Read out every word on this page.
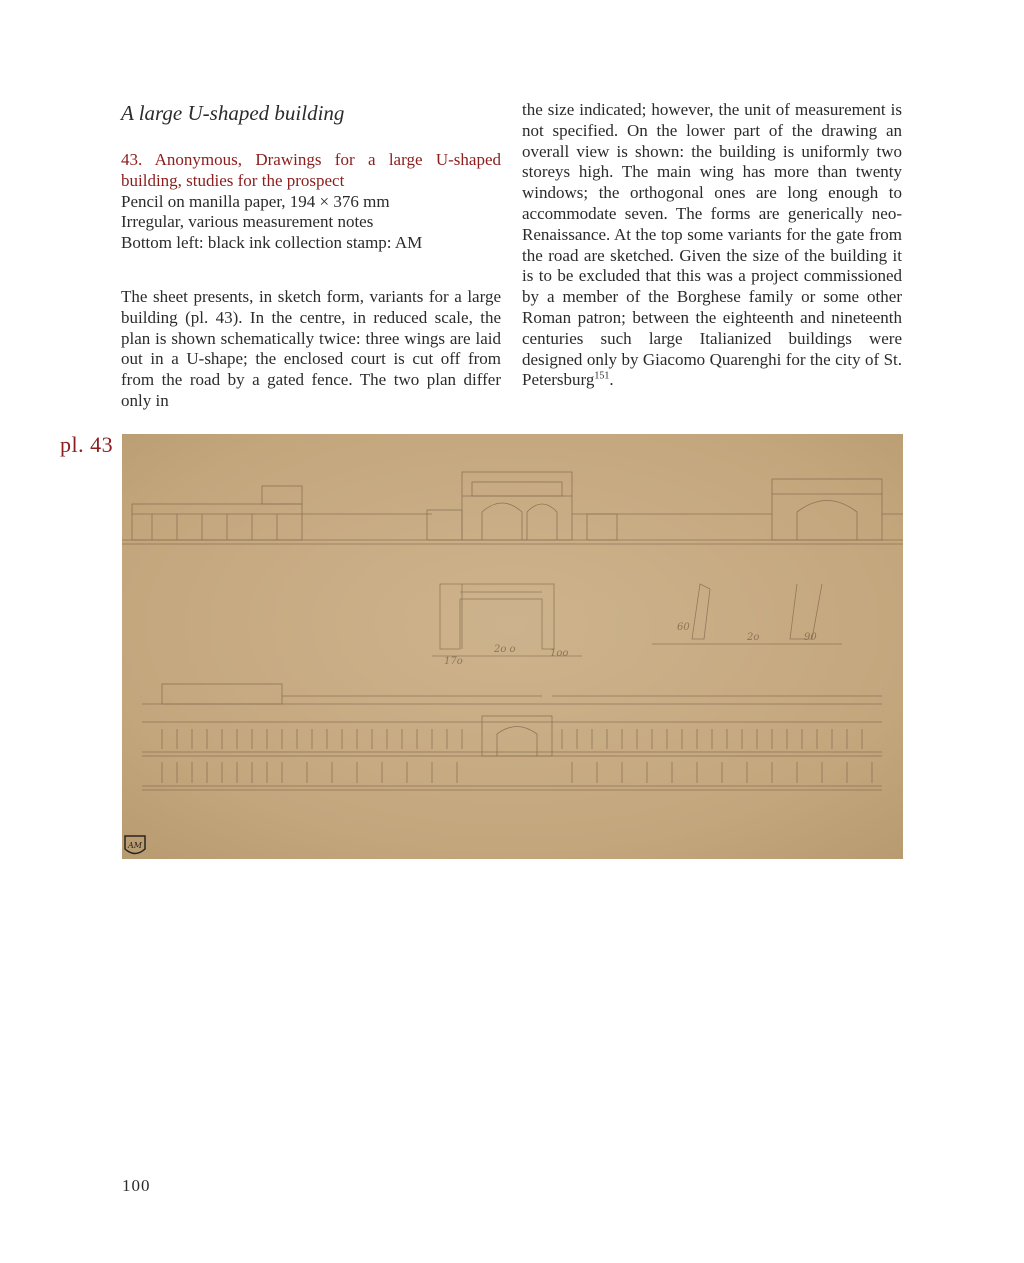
A large U-shaped building

43. Anonymous, Drawings for a large U-shaped building, studies for the prospect

Pencil on manilla paper, 194 × 376 mm

Irregular, various measurement notes

Bottom left: black ink collection stamp: AM

The sheet presents, in sketch form, variants for a large building (pl. 43). In the centre, in reduced scale, the plan is shown schematically twice: three wings are laid out in a U-shape; the enclosed court is cut off from from the road by a gated fence. The two plan differ only in

the size indicated; however, the unit of measurement is not specified. On the lower part of the drawing an overall view is shown: the building is uniformly two storeys high. The main wing has more than twenty windows; the orthogonal ones are long enough to accommodate seven. The forms are generically neo-Renaissance. At the top some variants for the gate from the road are sketched. Given the size of the building it is to be excluded that this was a project commissioned by a member of the Borghese family or some other Roman patron; between the eighteenth and nineteenth centuries such large Italianized buildings were designed only by Giacomo Quarenghi for the city of St. Petersburg$^{151}$.

pl. 43
17o
2o o	1oo
60
2o	90
AM
100
